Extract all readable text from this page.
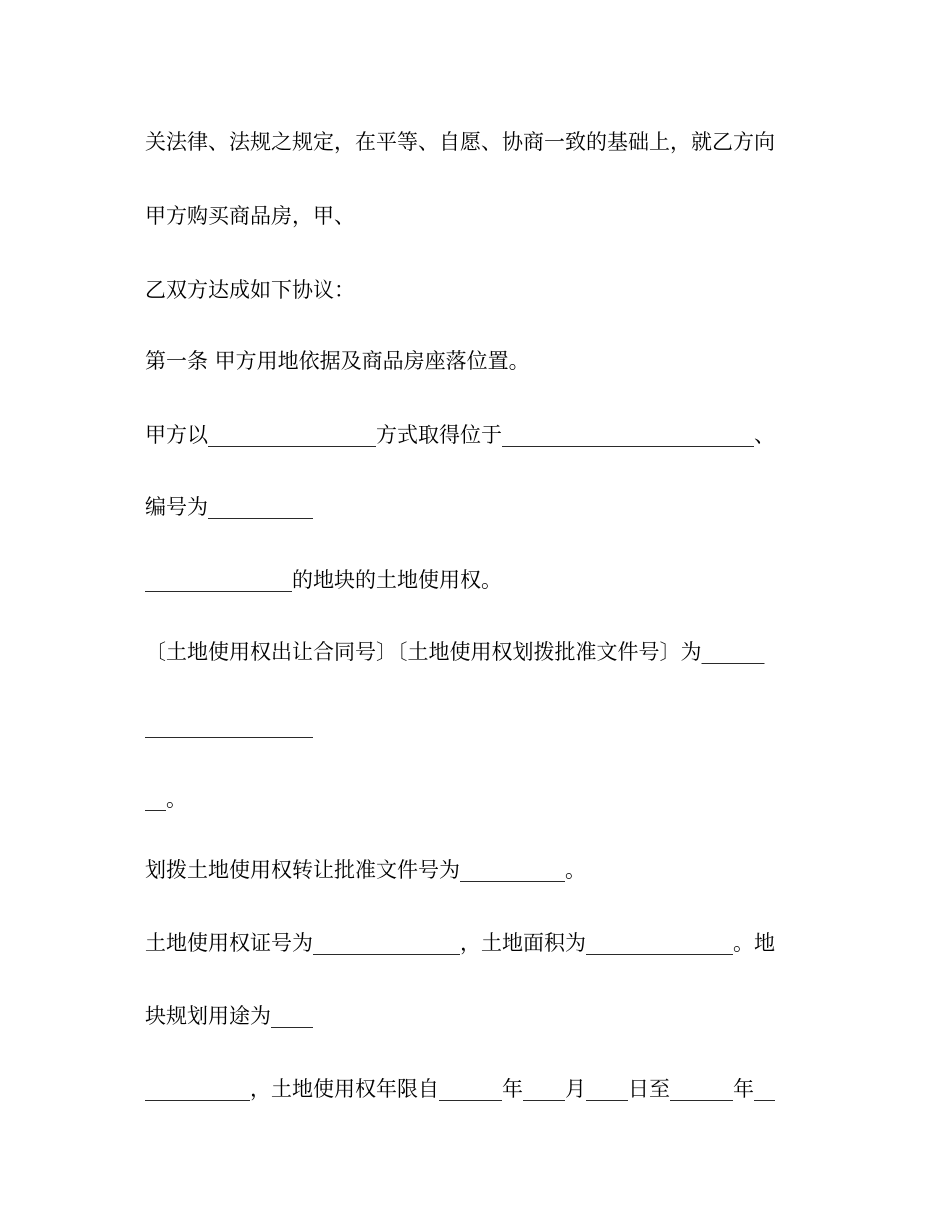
关法律、法规之规定，在平等、自愿、协商一致的基础上，就乙方向
甲方购买商品房，甲、
乙双方达成如下协议：
第一条 甲方用地依据及商品房座落位置。
甲方以________________方式取得位于________________________、
编号为__________
______________的地块的土地使用权。
〔土地使用权出让合同号〕〔土地使用权划拨批准文件号〕为______
________________
__。
划拨土地使用权转让批准文件号为__________。
土地使用权证号为______________，土地面积为______________。地
块规划用途为____
__________，土地使用权年限自______年____月____日至______年__
